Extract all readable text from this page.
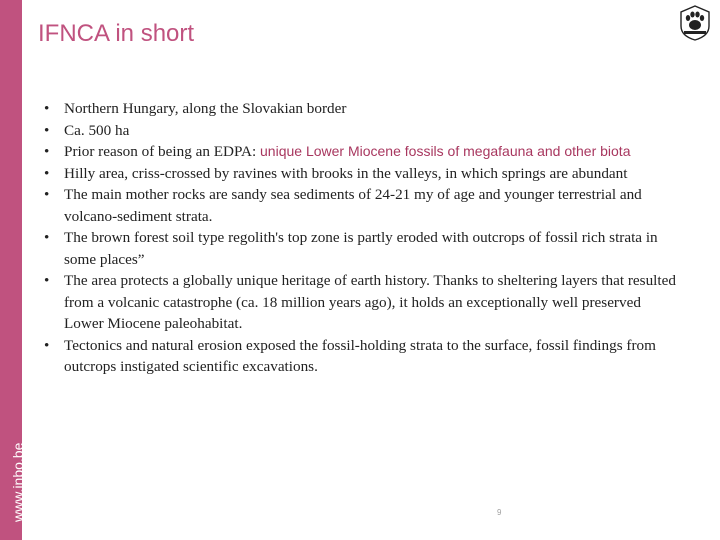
www.inbo.be
IFNCA in short
• Northern Hungary, along the Slovakian border
• Ca. 500 ha
• Prior reason of being an EDPA: unique Lower Miocene fossils of megafauna and other biota
• Hilly area, criss-crossed by ravines with brooks in the valleys, in which springs are abundant
• The main mother rocks are sandy sea sediments of 24-21 my of age and younger terrestrial and volcano-sediment strata.
• The brown forest soil type regolith's top zone is partly eroded with outcrops of fossil rich strata in some places”
• The area protects a globally unique heritage of earth history. Thanks to sheltering layers that resulted from a volcanic catastrophe (ca. 18 million years ago), it holds an exceptionally well preserved Lower Miocene paleohabitat.
• Tectonics and natural erosion exposed the fossil-holding strata to the surface, fossil findings from outcrops instigated scientific excavations.
9
